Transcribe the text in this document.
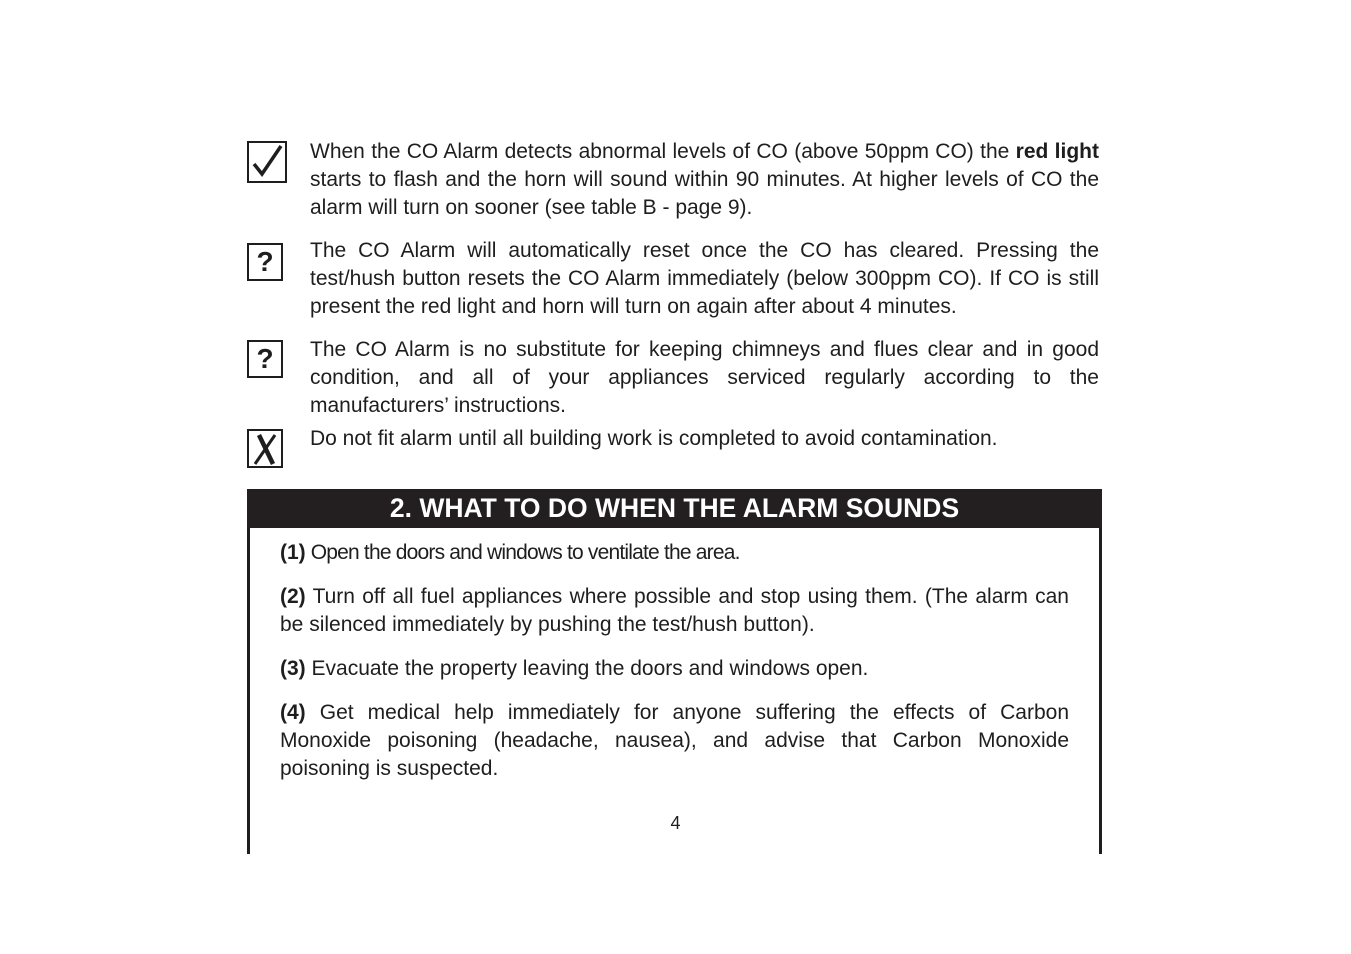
When the CO Alarm detects abnormal levels of CO (above 50ppm CO) the red light starts to flash and the horn will sound within 90 minutes. At higher levels of CO the alarm will turn on sooner (see table B - page 9).
? The CO Alarm will automatically reset once the CO has cleared. Pressing the test/hush button resets the CO Alarm immediately (below 300ppm CO). If CO is still present the red light and horn will turn on again after about 4 minutes.
? The CO Alarm is no substitute for keeping chimneys and flues clear and in good condition, and all of your appliances serviced regularly according to the manufacturers’ instructions.
Do not fit alarm until all building work is completed to avoid contamination.
2. WHAT TO DO WHEN THE ALARM SOUNDS
(1) Open the doors and windows to ventilate the area.
(2) Turn off all fuel appliances where possible and stop using them. (The alarm can be silenced immediately by pushing the test/hush button).
(3) Evacuate the property leaving the doors and windows open.
(4) Get medical help immediately for anyone suffering the effects of Carbon Monoxide poisoning (headache, nausea), and advise that Carbon Monoxide poisoning is suspected.
4
